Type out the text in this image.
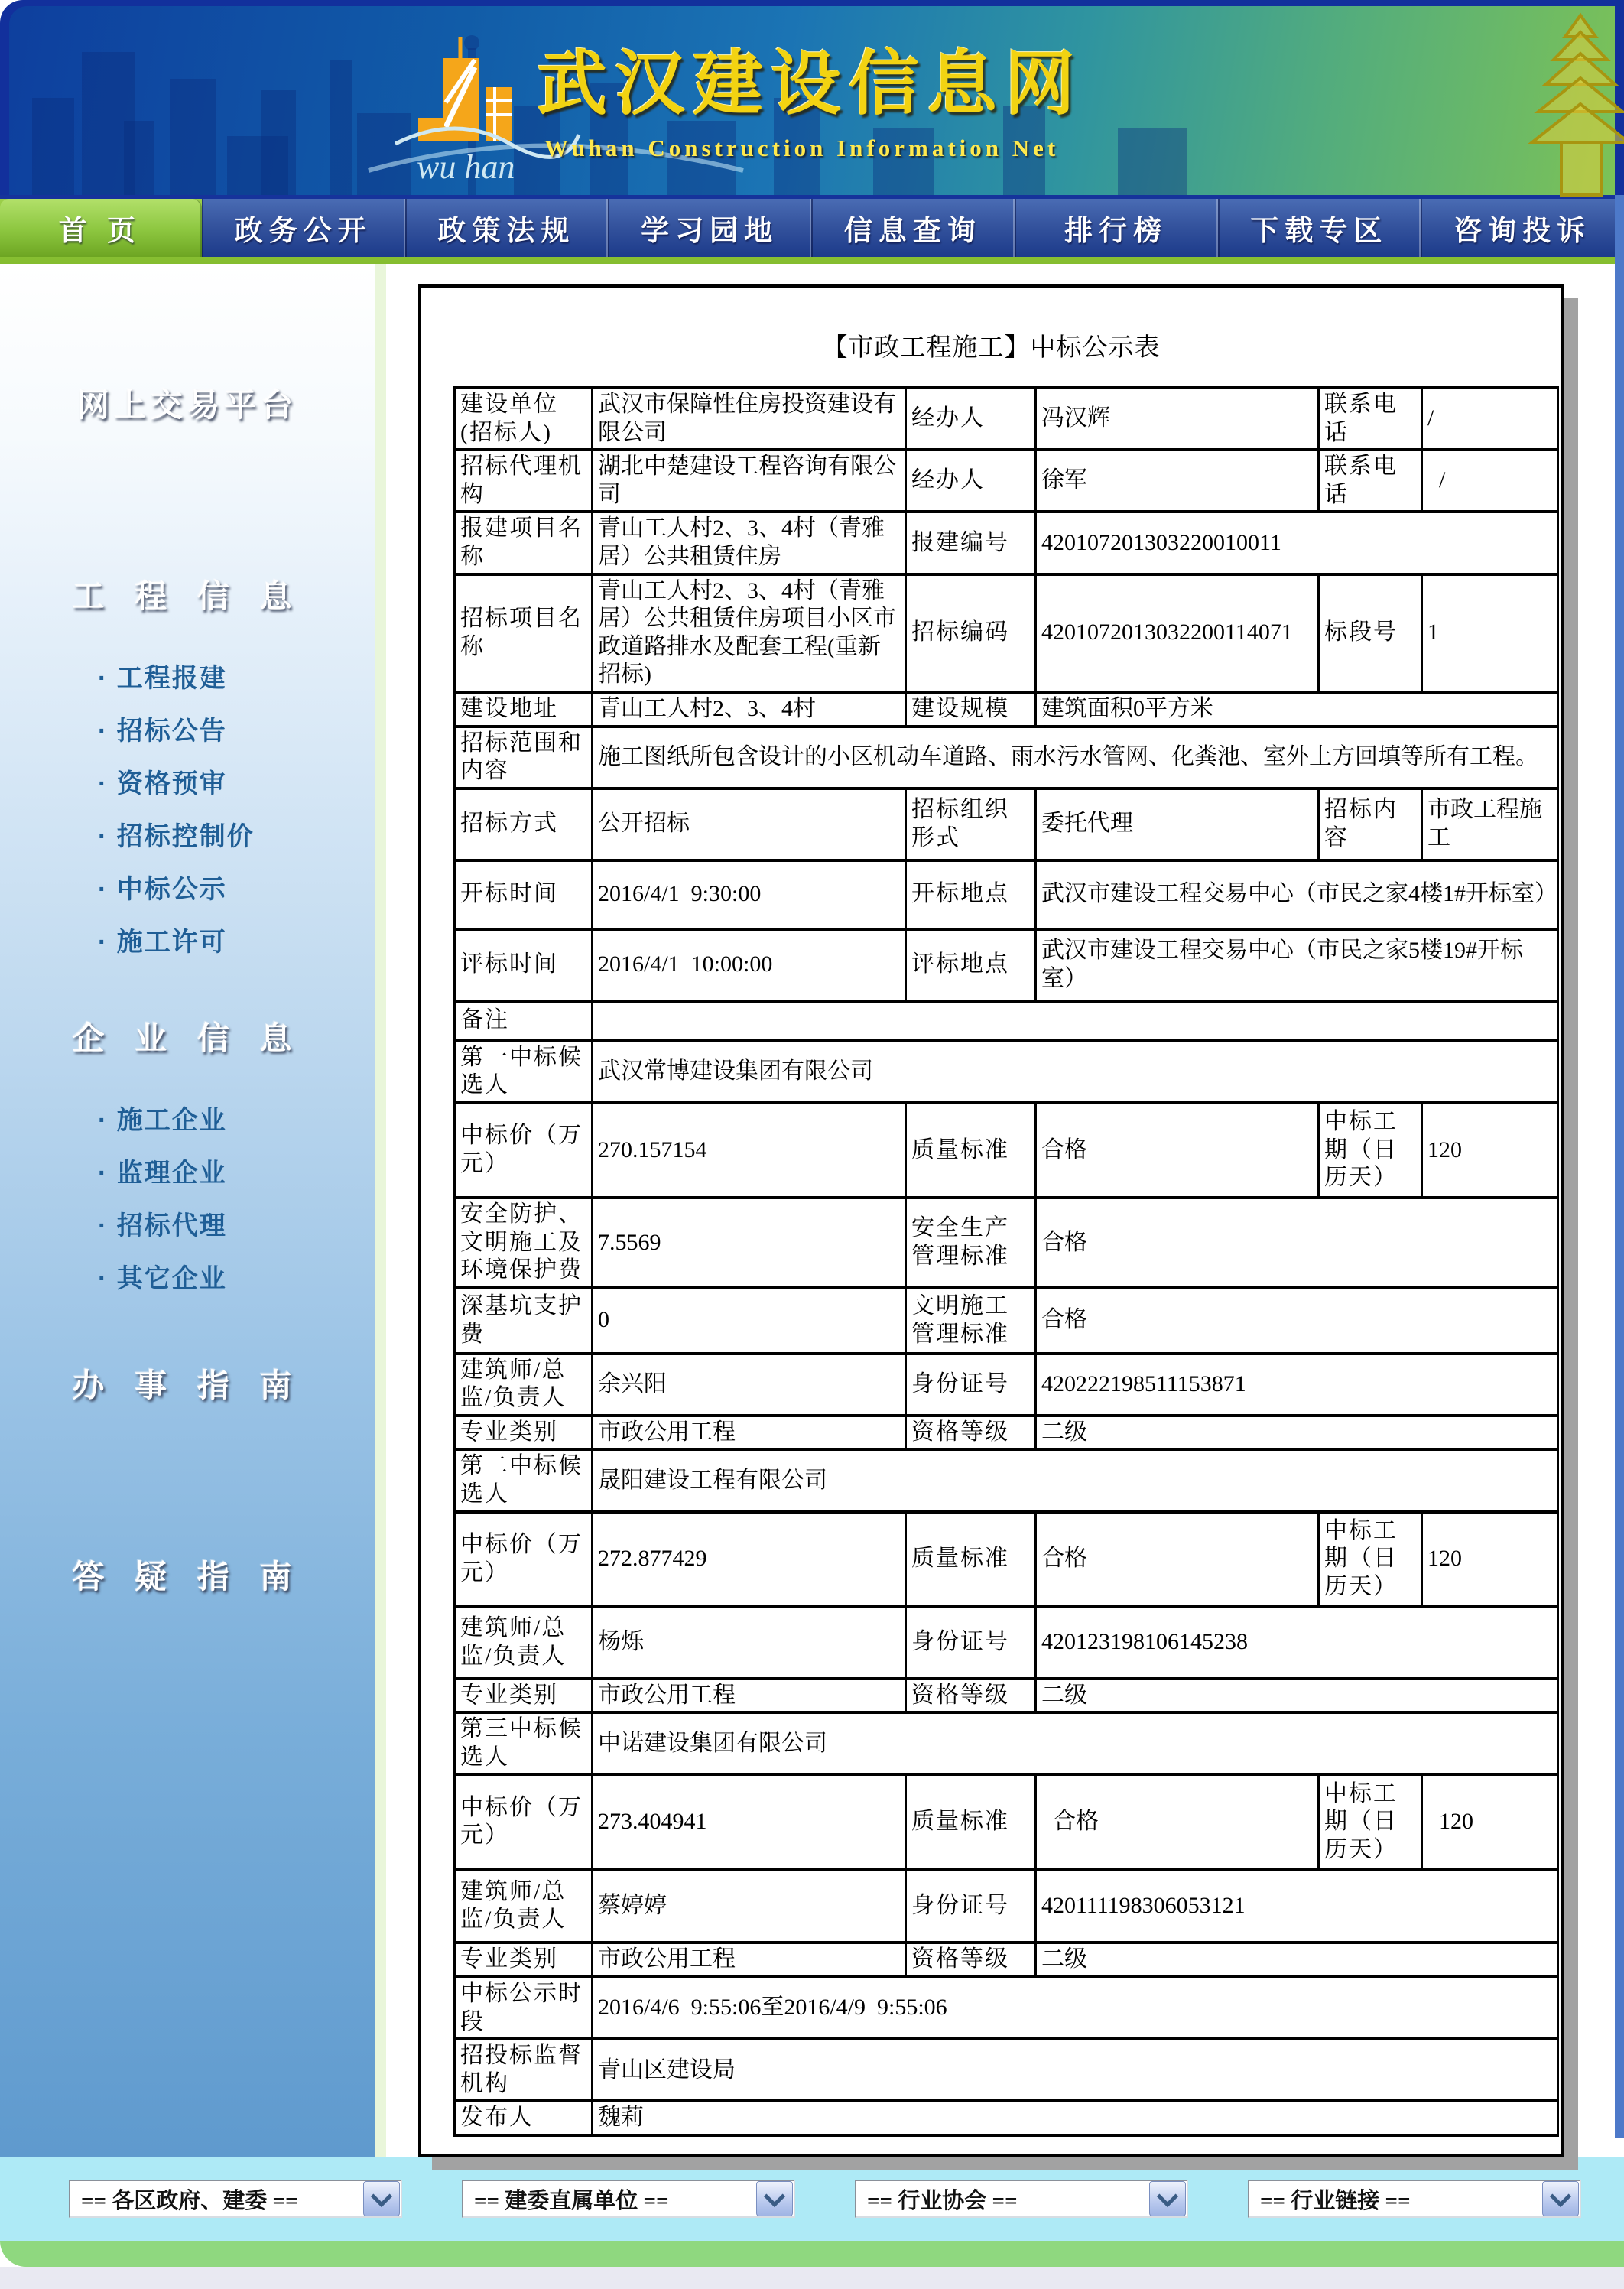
wu han
武汉建设信息网
Wuhan Construction Information Net
首 页	政务公开 政策法规 学习园地 信息查询	排行榜	下载专区 咨询投诉
网上交易平台
工 程 信 息
· 工程报建
· 招标公告
· 资格预审
· 招标控制价
· 中标公示
· 施工许可
企 业 信 息
· 施工企业
· 监理企业
· 招标代理
· 其它企业
办 事 指 南
答 疑 指 南
【市政工程施工】中标公示表
建设单位(招标人)	武汉市保障性住房投资建设有限公司	经办人	冯汉辉	联系电话	/
招标代理机构	湖北中楚建设工程咨询有限公司	经办人	徐军	联系电话	/
报建项目名称	青山工人村2、3、4村（青雅居）公共租赁住房	报建编号	420107201303220010011		
招标项目名称	青山工人村2、3、4村（青雅居）公共租赁住房项目小区市政道路排水及配套工程(重新招标)	招标编码	4201072013032200114071	标段号	1
建设地址	青山工人村2、3、4村	建设规模	建筑面积0平方米		
招标范围和内容	施工图纸所包含设计的小区机动车道路、雨水污水管网、化粪池、室外土方回填等所有工程。				
招标方式	公开招标	招标组织形式	委托代理	招标内容	市政工程施工
开标时间	2016/4/1  9:30:00	开标地点	武汉市建设工程交易中心（市民之家4楼1#开标室）		
评标时间	2016/4/1  10:00:00	评标地点	武汉市建设工程交易中心（市民之家5楼19#开标室）		
备注					
第一中标候选人	武汉常博建设集团有限公司				
中标价（万元）	270.157154	质量标准	合格	中标工期（日历天）	120
安全防护、文明施工及环境保护费	7.5569	安全生产管理标准	合格		
深基坑支护费	0	文明施工管理标准	合格		
建筑师/总监/负责人	余兴阳	身份证号	420222198511153871		
专业类别	市政公用工程	资格等级	二级		
第二中标候选人	晟阳建设工程有限公司				
中标价（万元）	272.877429	质量标准	合格	中标工期（日历天）	120
建筑师/总监/负责人	杨烁	身份证号	420123198106145238		
专业类别	市政公用工程	资格等级	二级		
第三中标候选人	中诺建设集团有限公司				
中标价（万元）	273.404941	质量标准	合格	中标工期（日历天）	120
建筑师/总监/负责人	蔡婷婷	身份证号	420111198306053121		
专业类别	市政公用工程	资格等级	二级		
中标公示时段	2016/4/6  9:55:06至2016/4/9  9:55:06				
招投标监督机构	青山区建设局				
发布人	魏莉				
== 各区政府、建委 ==	== 建委直属单位 ==	== 行业协会 ==	== 行业链接 ==
